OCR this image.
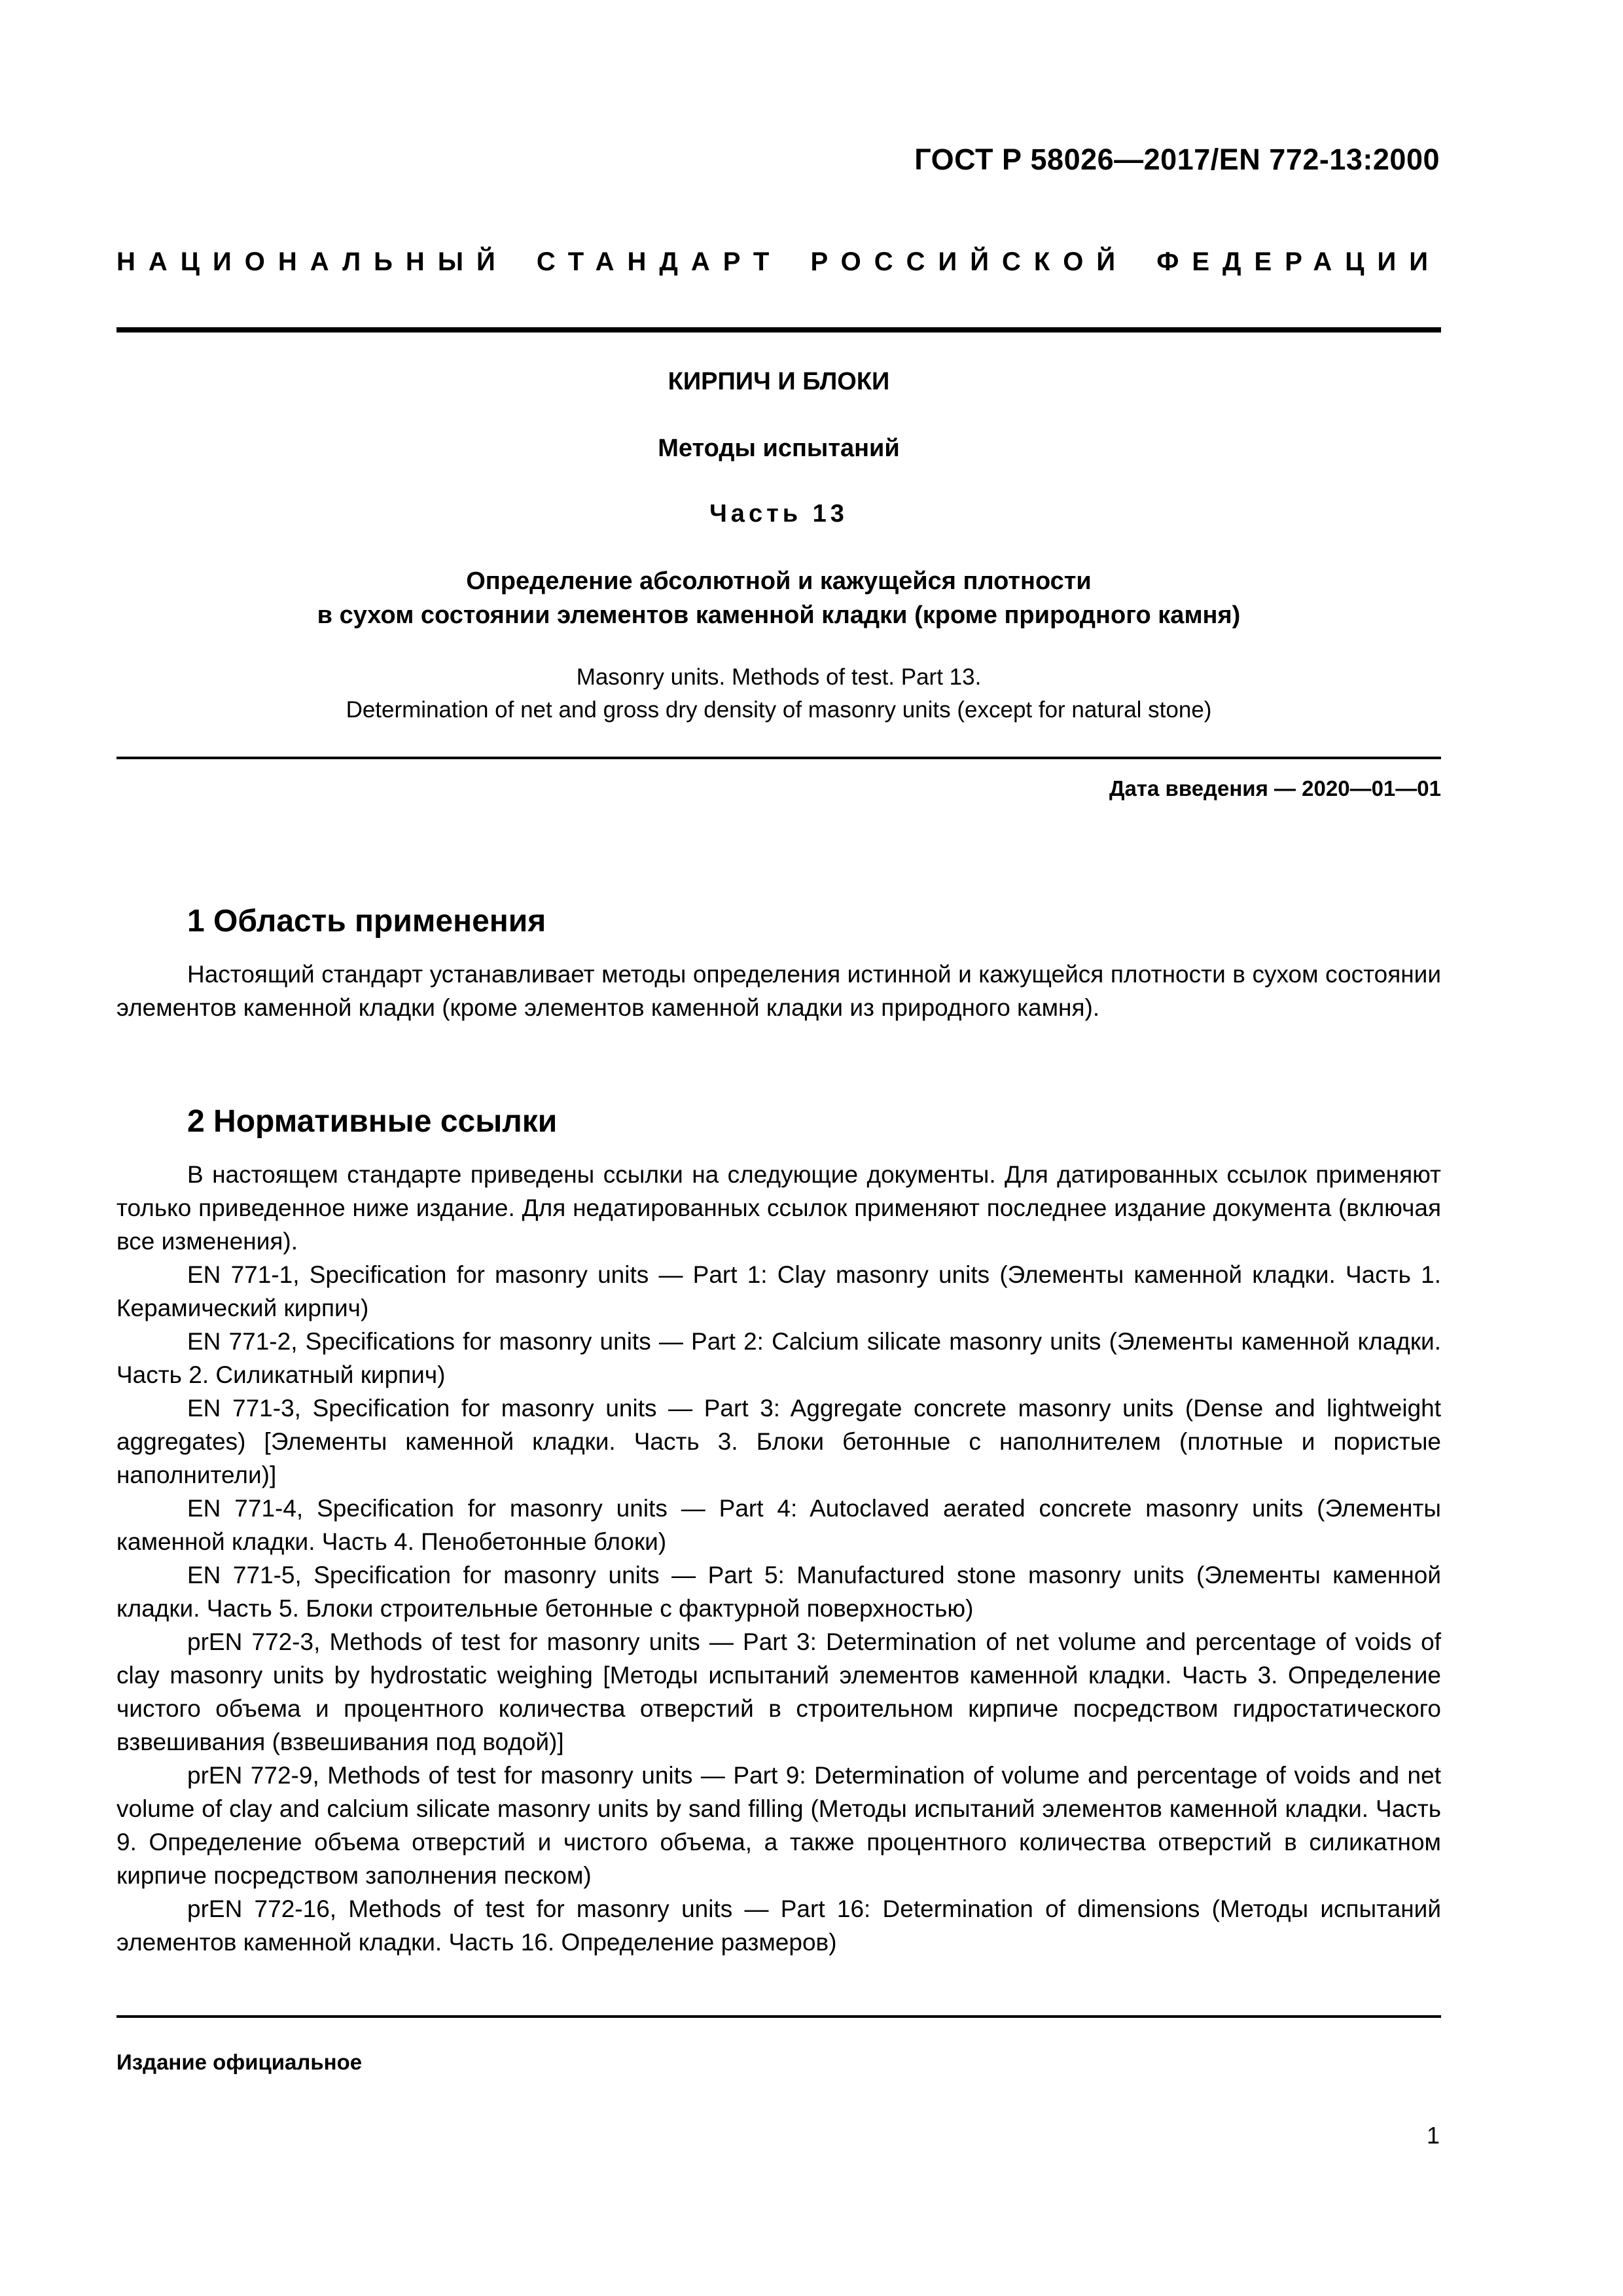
ГОСТ Р 58026—2017/EN 772-13:2000
НАЦИОНАЛЬНЫЙ СТАНДАРТ РОССИЙСКОЙ ФЕДЕРАЦИИ
КИРПИЧ И БЛОКИ
Методы испытаний
Часть 13
Определение абсолютной и кажущейся плотности
в сухом состоянии элементов каменной кладки (кроме природного камня)
Masonry units. Methods of test. Part 13.
Determination of net and gross dry density of masonry units (except for natural stone)
Дата введения — 2020—01—01
1 Область применения

Настоящий стандарт устанавливает методы определения истинной и кажущейся плотности в сухом состоянии элементов каменной кладки (кроме элементов каменной кладки из природного камня).

2 Нормативные ссылки

В настоящем стандарте приведены ссылки на следующие документы. Для датированных ссылок применяют только приведенное ниже издание. Для недатированных ссылок применяют последнее издание документа (включая все изменения).

EN 771-1, Specification for masonry units — Part 1: Clay masonry units (Элементы каменной кладки. Часть 1. Керамический кирпич)

EN 771-2, Specifications for masonry units — Part 2: Calcium silicate masonry units (Элементы каменной кладки. Часть 2. Силикатный кирпич)

EN 771-3, Specification for masonry units — Part 3: Aggregate concrete masonry units (Dense and lightweight aggregates) [Элементы каменной кладки. Часть 3. Блоки бетонные с наполнителем (плотные и пористые наполнители)]

EN 771-4, Specification for masonry units — Part 4: Autoclaved aerated concrete masonry units (Элементы каменной кладки. Часть 4. Пенобетонные блоки)

EN 771-5, Specification for masonry units — Part 5: Manufactured stone masonry units (Элементы каменной кладки. Часть 5. Блоки строительные бетонные с фактурной поверхностью)

prEN 772-3, Methods of test for masonry units — Part 3: Determination of net volume and percentage of voids of clay masonry units by hydrostatic weighing [Методы испытаний элементов каменной кладки. Часть 3. Определение чистого объема и процентного количества отверстий в строительном кирпиче посредством гидростатического взвешивания (взвешивания под водой)]

prEN 772-9, Methods of test for masonry units — Part 9: Determination of volume and percentage of voids and net volume of clay and calcium silicate masonry units by sand filling (Методы испытаний элементов каменной кладки. Часть 9. Определение объема отверстий и чистого объема, а также процентного количества отверстий в силикатном кирпиче посредством заполнения песком)

prEN 772-16, Methods of test for masonry units — Part 16: Determination of dimensions (Методы испытаний элементов каменной кладки. Часть 16. Определение размеров)

Издание официальное
1
